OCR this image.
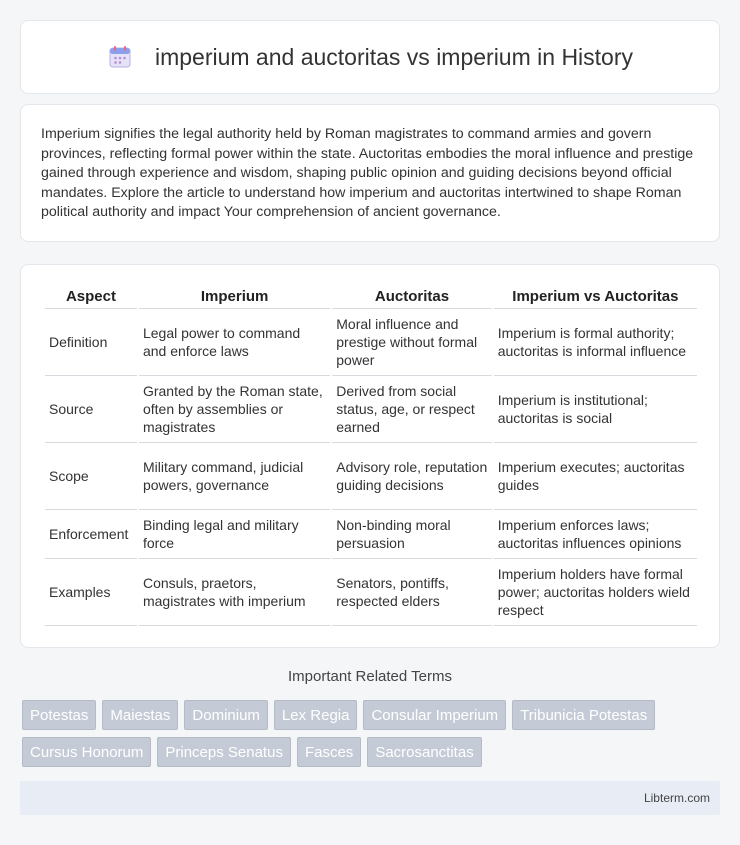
imperium and auctoritas vs imperium in History

Imperium signifies the legal authority held by Roman magistrates to command armies and govern provinces, reflecting formal power within the state. Auctoritas embodies the moral influence and prestige gained through experience and wisdom, shaping public opinion and guiding decisions beyond official mandates. Explore the article to understand how imperium and auctoritas intertwined to shape Roman political authority and impact Your comprehension of ancient governance.

Aspect	Imperium	Auctoritas	Imperium vs Auctoritas
Definition	Legal power to command and enforce laws	Moral influence and prestige without formal power	Imperium is formal authority; auctoritas is informal influence
Source	Granted by the Roman state, often by assemblies or magistrates	Derived from social status, age, or respect earned	Imperium is institutional; auctoritas is social
Scope	Military command, judicial powers, governance	Advisory role, reputation guiding decisions	Imperium executes; auctoritas guides
Enforcement	Binding legal and military force	Non-binding moral persuasion	Imperium enforces laws; auctoritas influences opinions
Examples	Consuls, praetors, magistrates with imperium	Senators, pontiffs, respected elders	Imperium holders have formal power; auctoritas holders wield respect
Important Related Terms
Potestas	Maiestas	Dominium	Lex Regia	Consular Imperium	Tribunicia Potestas
Cursus Honorum	Princeps Senatus	Fasces	Sacrosanctitas
Libterm.com
